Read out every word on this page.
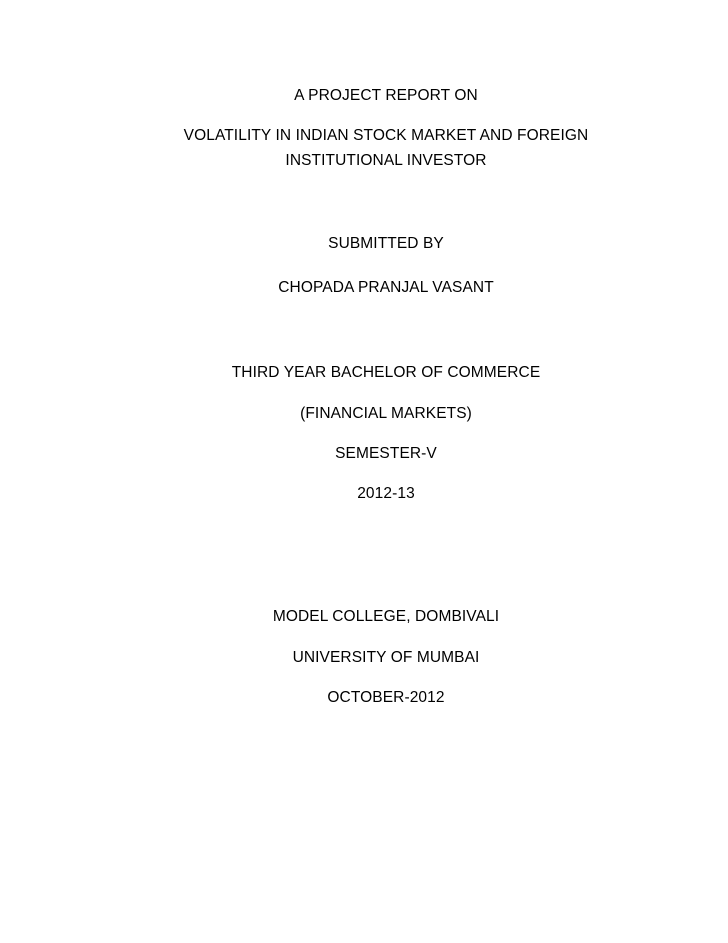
A PROJECT REPORT ON
VOLATILITY IN INDIAN STOCK MARKET AND FOREIGN
INSTITUTIONAL INVESTOR
SUBMITTED BY
CHOPADA PRANJAL VASANT
THIRD YEAR BACHELOR OF COMMERCE
(FINANCIAL MARKETS)
SEMESTER-V
2012-13
MODEL COLLEGE, DOMBIVALI
UNIVERSITY OF MUMBAI
OCTOBER-2012
